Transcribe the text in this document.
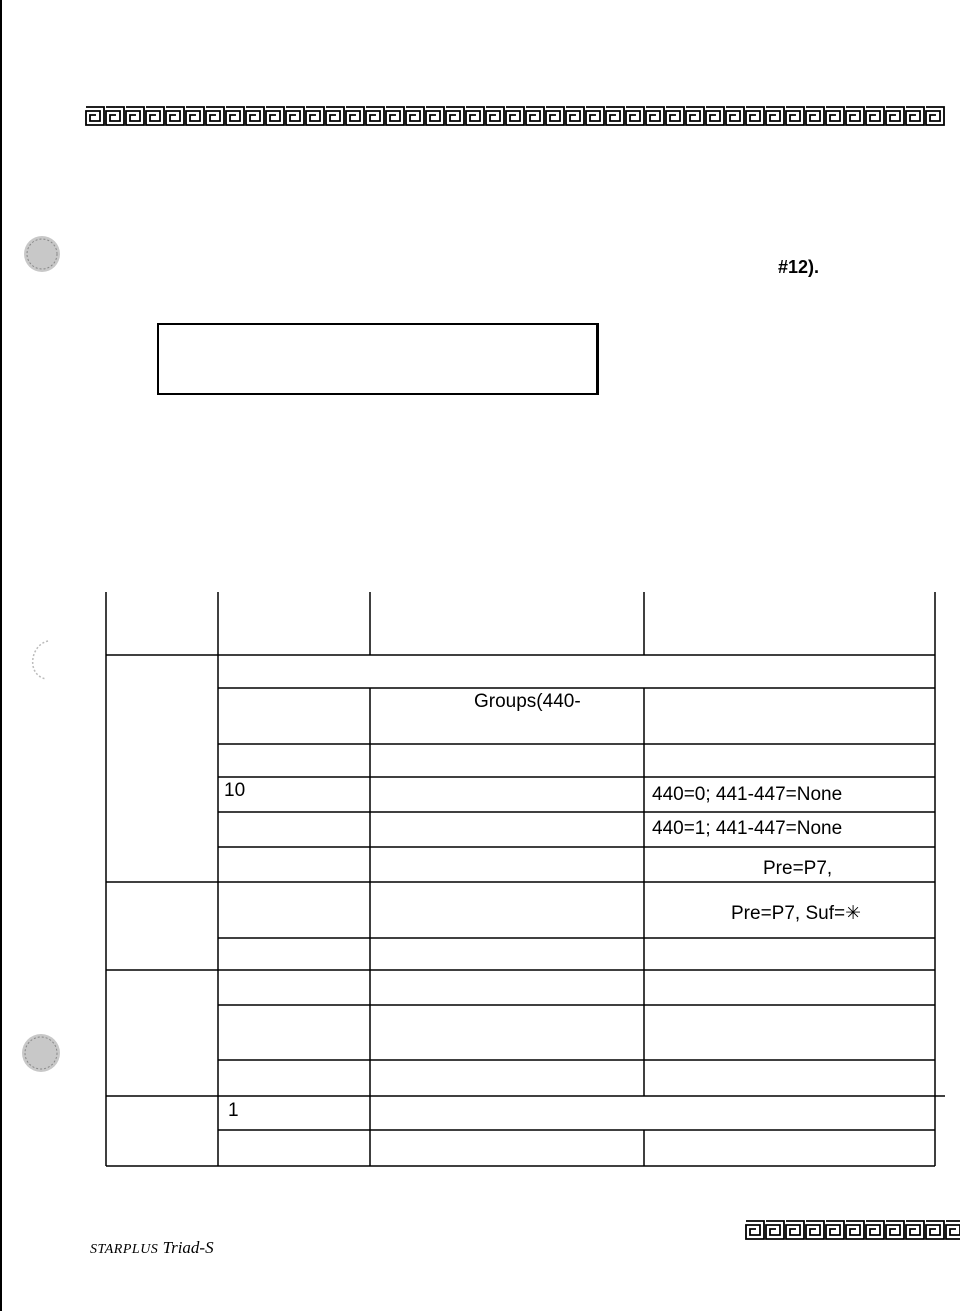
#12).
Groups(440-
10	440=0; 441-447=None
440=1; 441-447=None
Pre=P7,
Pre=P7, Suf=✳
1
STARPLUS Triad-S
